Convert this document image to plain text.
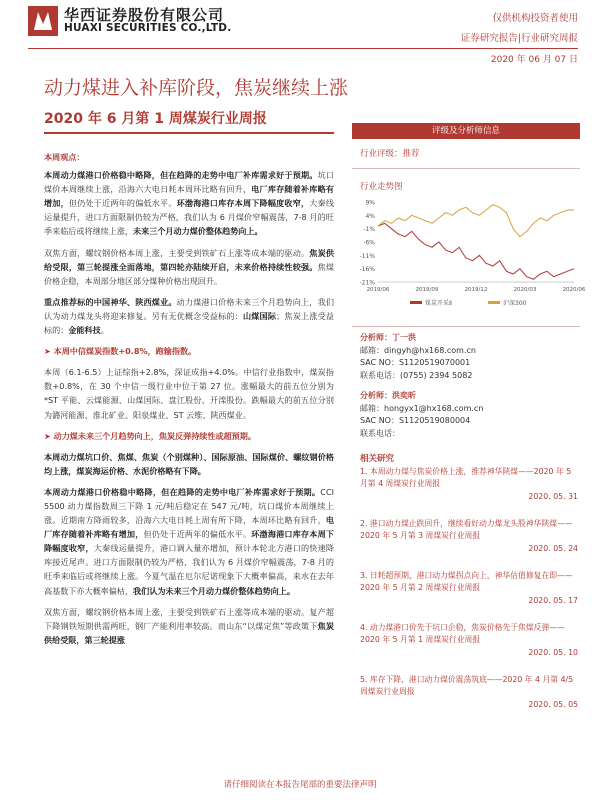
华西证券股份有限公司
HUAXI SECURITIES CO.,LTD.
仅供机构投资者使用
证券研究报告|行业研究周报
2020 年 06 月 07 日
动力煤进入补库阶段，焦炭继续上涨
2020 年 6 月第 1 周煤炭行业周报
本周观点：

本周动力煤港口价格稳中略降，但在趋降的走势中电厂补库需求好于预期。坑口煤价本周继续上涨，沿海六大电日耗本周环比略有回升，电厂库存随着补库略有增加，但仍处于近两年的偏低水平。环渤海港口库存本周下降幅度收窄，大秦线运量提升，进口方面限制仍较为严格，我们认为 6 月煤价窄幅震荡，7-8 月的旺季来临后或将继续上涨，未来三个月动力煤价整体趋势向上。

双焦方面，螺纹钢价格本周上涨，主要受到铁矿石上涨等成本端的驱动。焦炭供给受限，第三轮提涨全面落地，第四轮亦陆续开启，未来价格持续性较强。焦煤价格企稳，本周部分地区部分煤种价格出现回升。

重点推荐标的中国神华、陕西煤业。动力煤港口价格未来三个月趋势向上，我们认为动力煤龙头将迎来修复。另有无优概念受益标的：山煤国际；焦炭上涨受益标的：金能科技。

➤ 本周中信煤炭指数+0.8%，跑输指数。

本周（6.1-6.5）上证综指+2.8%，深证成指+4.0%。中信行业指数中，煤炭指数+0.8%，在 30 个中信一级行业中位于第 27 位。涨幅最大的前五位分别为*ST 平能、云煤能源、山煤国际、盘江股份、开滦股份。跌幅最大的前五位分别为潞河能源、淮北矿业、阳泉煤业、ST 云维、陕西煤业。

➤ 动力煤未来三个月趋势向上，焦炭反弹持续性或超预期。

本周动力煤坑口价、焦煤、焦炭（个别煤种）、国际原油、国际煤价、螺纹钢价格均上涨，煤炭海运价格、水泥价格略有下降。

本周动力煤港口价格稳中略降，但在趋降的走势中电厂补库需求好于预期。CCI 5500 动力煤指数周三下降 1 元/吨后稳定在 547 元/吨，坑口煤价本周继续上涨。近期南方降雨较多，沿海六大电日耗上周有所下降，本周环比略有回升，电厂库存随着补库略有增加，但仍处于近两年的偏低水平。环渤海港口库存本周下降幅度收窄，大秦线运量提升，港口调入量亦增加，预计本轮北方港口的快速降库接近尾声。进口方面限制仍较为严格，我们认为 6 月煤价窄幅震荡，7-8 月的旺季来临后或将继续上涨。今夏气温在厄尔尼诺现象下大概率偏高，来水在去年高基数下亦大概率偏枯，我们认为未来三个月动力煤价整体趋势向上。

双焦方面，螺纹钢价格本周上涨，主要受到铁矿石上涨等成本端的驱动。复产超下降钢铁短期供需两旺，钢厂产能利用率较高。而山东“以煤定焦”等政策下焦炭供给受限，第三轮提涨

评级及分析师信息
行业评级：推荐
行业走势图
9%
4%
-1%
-6%
-11%
-16%
-21%
2019/06	2019/09	2019/12	2020/03	2020/06
煤炭开采Ⅱ	沪深300
分析师：丁一洪
邮箱：dingyh@hx168.com.cn
SAC NO：S1120519070001
联系电话：(0755) 2394 5082
分析师：洪奕昕
邮箱：hongyx1@hx168.com.cn
SAC NO：S1120519080004
联系电话：
相关研究
1. 本周动力煤与焦炭价格上涨，推荐神华陕煤——2020 年 5 月第 4 周煤炭行业周报
2020. 05. 31
2. 港口动力煤止跌回升，继续看好动力煤龙头股神华陕煤——2020 年 5 月第 3 周煤炭行业周报
2020. 05. 24
3. 日耗超预期，港口动力煤拐点向上，神华估值修复在即——2020 年 5 月第 2 周煤炭行业周报
2020. 05. 17
4. 动力煤港口价先于坑口企稳，焦炭价格先于焦煤反弹——2020 年 5 月第 1 周煤炭行业周报
2020. 05. 10
5. 库存下降，港口动力煤价震荡筑底——2020 年 4 月第 4/5 周煤炭行业周报
2020. 05. 05
请仔细阅读在本报告尾部的重要法律声明
